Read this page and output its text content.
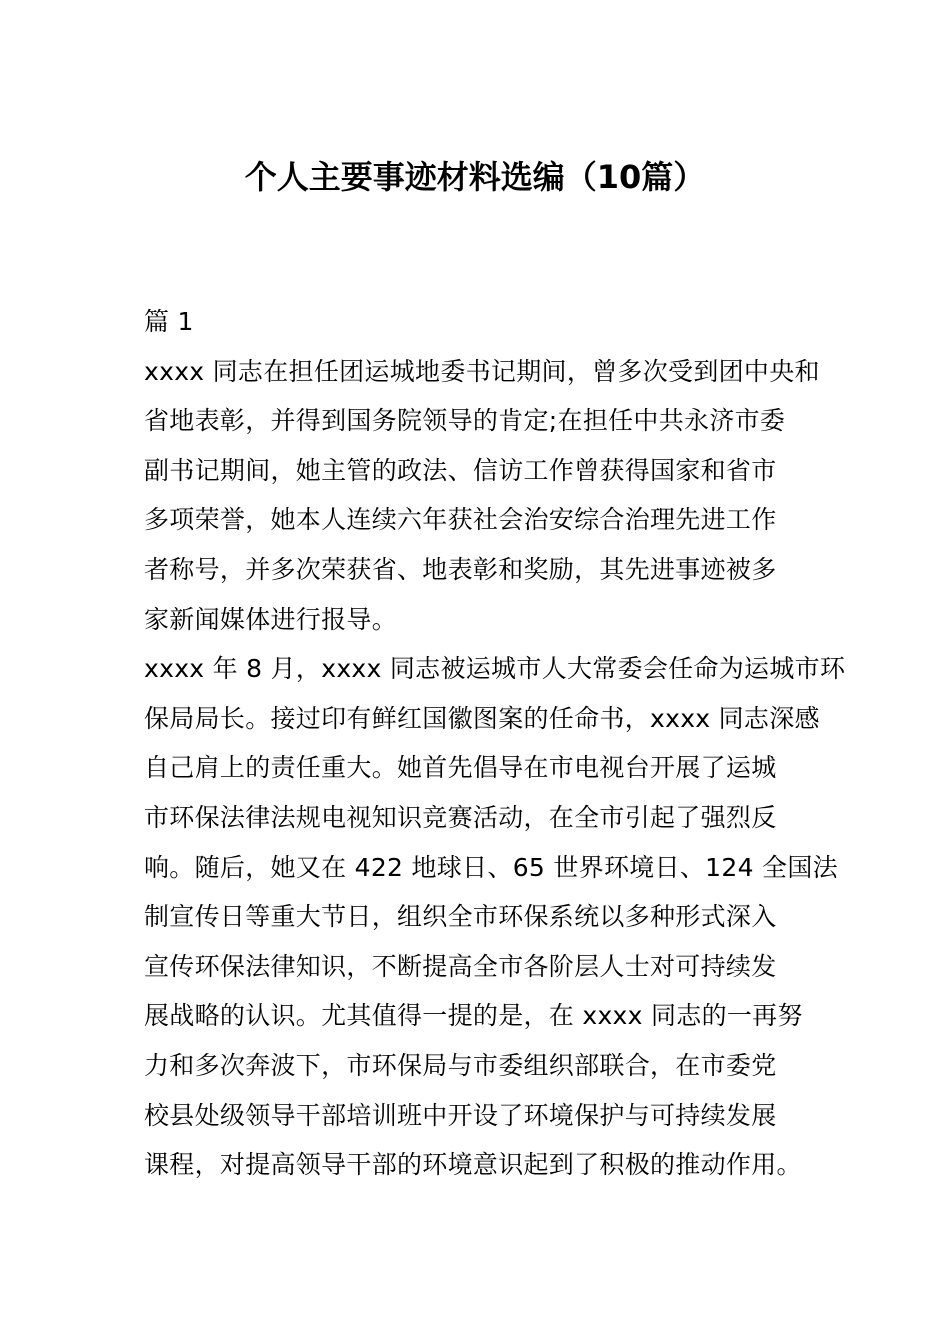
个人主要事迹材料选编（10篇）
篇 1
xxxx 同志在担任团运城地委书记期间，曾多次受到团中央和
省地表彰，并得到国务院领导的肯定;在担任中共永济市委
副书记期间，她主管的政法、信访工作曾获得国家和省市
多项荣誉，她本人连续六年获社会治安综合治理先进工作
者称号，并多次荣获省、地表彰和奖励，其先进事迹被多
家新闻媒体进行报导。
xxxx 年 8 月，xxxx 同志被运城市人大常委会任命为运城市环
保局局长。接过印有鲜红国徽图案的任命书，xxxx 同志深感
自己肩上的责任重大。她首先倡导在市电视台开展了运城
市环保法律法规电视知识竞赛活动，在全市引起了强烈反
响。随后，她又在 422 地球日、65 世界环境日、124 全国法
制宣传日等重大节日，组织全市环保系统以多种形式深入
宣传环保法律知识，不断提高全市各阶层人士对可持续发
展战略的认识。尤其值得一提的是，在 xxxx 同志的一再努
力和多次奔波下，市环保局与市委组织部联合，在市委党
校县处级领导干部培训班中开设了环境保护与可持续发展
课程，对提高领导干部的环境意识起到了积极的推动作用。
